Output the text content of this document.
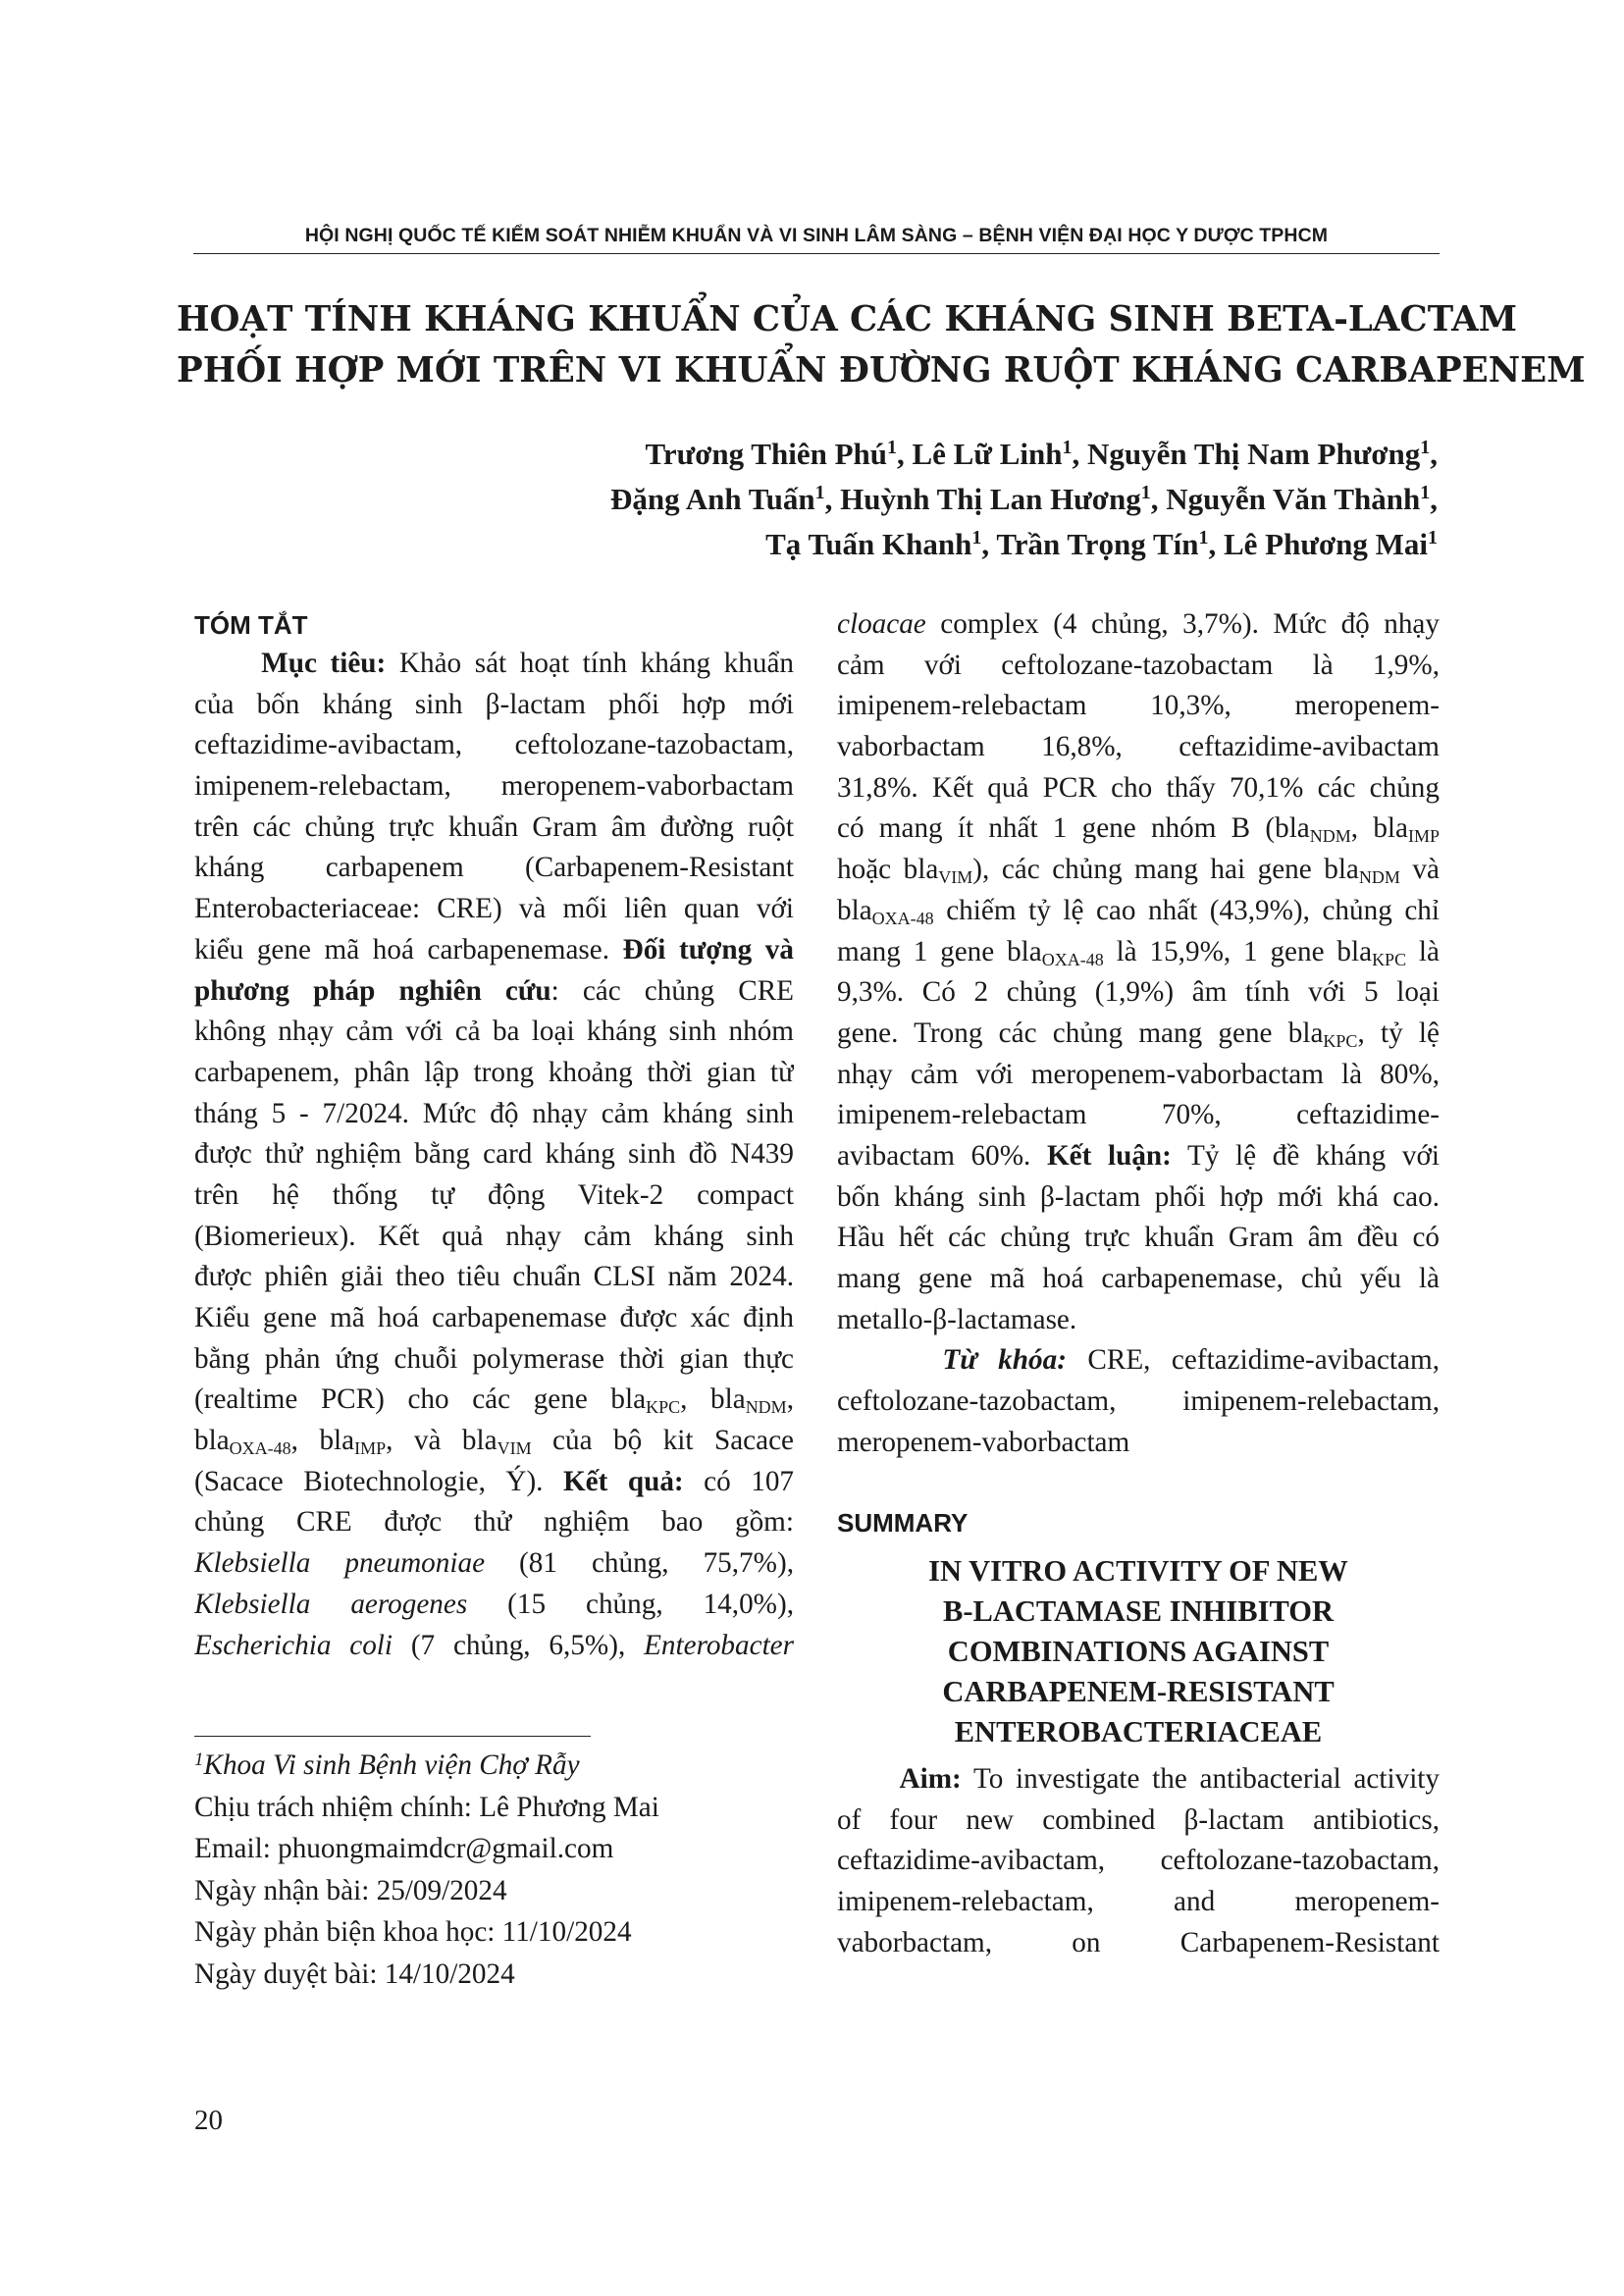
HỘI NGHỊ QUỐC TẾ KIỂM SOÁT NHIỄM KHUẨN VÀ VI SINH LÂM SÀNG – BỆNH VIỆN ĐẠI HỌC Y DƯỢC TPHCM
HOẠT TÍNH KHÁNG KHUẨN CỦA CÁC KHÁNG SINH BETA-LACTAM
PHỐI HỢP MỚI TRÊN VI KHUẨN ĐƯỜNG RUỘT KHÁNG CARBAPENEM
Trương Thiên Phú$^1$, Lê Lữ Linh$^1$, Nguyễn Thị Nam Phương$^1$,
Đặng Anh Tuấn$^1$, Huỳnh Thị Lan Hương$^1$, Nguyễn Văn Thành$^1$,
Tạ Tuấn Khanh$^1$, Trần Trọng Tín$^1$, Lê Phương Mai$^1$
TÓM TẮT
Mục tiêu: Khảo sát hoạt tính kháng khuẩn
của bốn kháng sinh β-lactam phối hợp mới
ceftazidime-avibactam, ceftolozane-tazobactam,
imipenem-relebactam, meropenem-vaborbactam
trên các chủng trực khuẩn Gram âm đường ruột
kháng carbapenem (Carbapenem-Resistant
Enterobacteriaceae: CRE) và mối liên quan với
kiểu gene mã hoá carbapenemase. Đối tượng và
phương pháp nghiên cứu: các chủng CRE
không nhạy cảm với cả ba loại kháng sinh nhóm
carbapenem, phân lập trong khoảng thời gian từ
tháng 5 - 7/2024. Mức độ nhạy cảm kháng sinh
được thử nghiệm bằng card kháng sinh đồ N439
trên hệ thống tự động Vitek-2 compact
(Biomerieux). Kết quả nhạy cảm kháng sinh
được phiên giải theo tiêu chuẩn CLSI năm 2024.
Kiểu gene mã hoá carbapenemase được xác định
bằng phản ứng chuỗi polymerase thời gian thực
(realtime PCR) cho các gene bla$_{KPC}$, bla$_{NDM}$,
bla$_{OXA-48}$, bla$_{IMP}$, và bla$_{VIM}$ của bộ kit Sacace
(Sacace Biotechnologie, Ý). Kết quả: có 107
chủng CRE được thử nghiệm bao gồm:
Klebsiella pneumoniae (81 chủng, 75,7%),
Klebsiella aerogenes (15 chủng, 14,0%),
Escherichia coli (7 chủng, 6,5%), Enterobacter
$^1$Khoa Vi sinh Bệnh viện Chợ Rẫy
Chịu trách nhiệm chính: Lê Phương Mai
Email: phuongmaimdcr@gmail.com
Ngày nhận bài: 25/09/2024
Ngày phản biện khoa học: 11/10/2024
Ngày duyệt bài: 14/10/2024
20
cloacae complex (4 chủng, 3,7%). Mức độ nhạy
cảm với ceftolozane-tazobactam là 1,9%,
imipenem-relebactam 10,3%, meropenem-
vaborbactam 16,8%, ceftazidime-avibactam
31,8%. Kết quả PCR cho thấy 70,1% các chủng
có mang ít nhất 1 gene nhóm B (bla$_{NDM}$, bla$_{IMP}$
hoặc bla$_{VIM}$), các chủng mang hai gene bla$_{NDM}$ và
bla$_{OXA-48}$ chiếm tỷ lệ cao nhất (43,9%), chủng chỉ
mang 1 gene bla$_{OXA-48}$ là 15,9%, 1 gene bla$_{KPC}$ là
9,3%. Có 2 chủng (1,9%) âm tính với 5 loại
gene. Trong các chủng mang gene bla$_{KPC}$, tỷ lệ
nhạy cảm với meropenem-vaborbactam là 80%,
imipenem-relebactam 70%, ceftazidime-
avibactam 60%. Kết luận: Tỷ lệ đề kháng với
bốn kháng sinh β-lactam phối hợp mới khá cao.
Hầu hết các chủng trực khuẩn Gram âm đều có
mang gene mã hoá carbapenemase, chủ yếu là
metallo-β-lactamase.
Từ khóa: CRE, ceftazidime-avibactam,
ceftolozane-tazobactam, imipenem-relebactam,
meropenem-vaborbactam
SUMMARY
IN VITRO ACTIVITY OF NEW
B-LACTAMASE INHIBITOR
COMBINATIONS AGAINST
CARBAPENEM-RESISTANT
ENTEROBACTERIACEAE
Aim: To investigate the antibacterial activity
of four new combined β-lactam antibiotics,
ceftazidime-avibactam, ceftolozane-tazobactam,
imipenem-relebactam, and meropenem-
vaborbactam, on Carbapenem-Resistant
